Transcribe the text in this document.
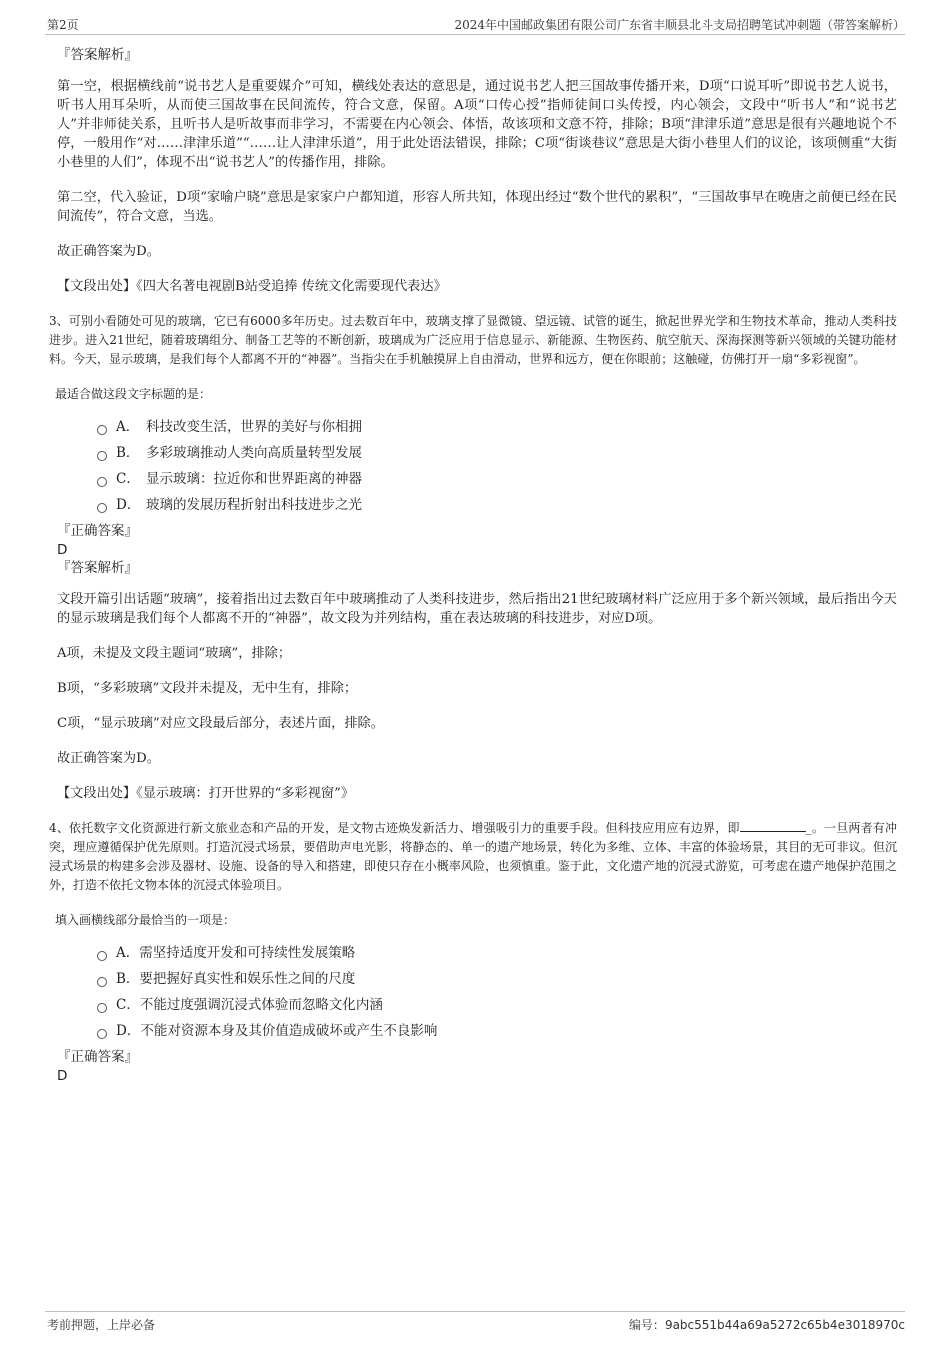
第2页	2024年中国邮政集团有限公司广东省丰顺县北斗支局招聘笔试冲刺题（带答案解析）

『答案解析』

第一空，根据横线前“说书艺人是重要媒介”可知，横线处表达的意思是，通过说书艺人把三国故事传播开来，D项“口说耳听”即说书艺人说书，听书人用耳朵听，从而使三国故事在民间流传，符合文意，保留。A项“口传心授”指师徒间口头传授，内心领会，文段中“听书人”和“说书艺人”并非师徒关系，且听书人是听故事而非学习，不需要在内心领会、体悟，故该项和文意不符，排除；B项“津津乐道”意思是很有兴趣地说个不停，一般用作“对……津津乐道”“……让人津津乐道”，用于此处语法错误，排除；C项“街谈巷议”意思是大街小巷里人们的议论，该项侧重“大街小巷里的人们”，体现不出“说书艺人”的传播作用，排除。

第二空，代入验证，D项“家喻户晓”意思是家家户户都知道，形容人所共知，体现出经过“数个世代的累积”，“三国故事早在晚唐之前便已经在民间流传”，符合文意，当选。

故正确答案为D。

【文段出处】《四大名著电视剧B站受追捧 传统文化需要现代表达》

3、可别小看随处可见的玻璃，它已有6000多年历史。过去数百年中，玻璃支撑了显微镜、望远镜、试管的诞生，掀起世界光学和生物技术革命，推动人类科技进步。进入21世纪，随着玻璃组分、制备工艺等的不断创新，玻璃成为广泛应用于信息显示、新能源、生物医药、航空航天、深海探测等新兴领域的关键功能材料。今天，显示玻璃，是我们每个人都离不开的“神器”。当指尖在手机触摸屏上自由滑动，世界和远方，便在你眼前；这触碰，仿佛打开一扇“多彩视窗”。

最适合做这段文字标题的是：

A． 科技改变生活，世界的美好与你相拥
B． 多彩玻璃推动人类向高质量转型发展
C． 显示玻璃：拉近你和世界距离的神器
D． 玻璃的发展历程折射出科技进步之光

『正确答案』

D

『答案解析』

文段开篇引出话题“玻璃”，接着指出过去数百年中玻璃推动了人类科技进步，然后指出21世纪玻璃材料广泛应用于多个新兴领域，最后指出今天的显示玻璃是我们每个人都离不开的“神器”，故文段为并列结构，重在表达玻璃的科技进步，对应D项。

A项，未提及文段主题词“玻璃”，排除；

B项，“多彩玻璃”文段并未提及，无中生有，排除；

C项，“显示玻璃”对应文段最后部分，表述片面，排除。

故正确答案为D。

【文段出处】《显示玻璃：打开世界的“多彩视窗”》

4、依托数字文化资源进行新文旅业态和产品的开发，是文物古迹焕发新活力、增强吸引力的重要手段。但科技应用应有边界，即	_。一旦两者有冲突，理应遵循保护优先原则。打造沉浸式场景，要借助声电光影，将静态的、单一的遗产地场景，转化为多维、立体、丰富的体验场景，其目的无可非议。但沉浸式场景的构建多会涉及器材、设施、设备的导入和搭建，即使只存在小概率风险，也须慎重。鉴于此，文化遗产地的沉浸式游览，可考虑在遗产地保护范围之外，打造不依托文物本体的沉浸式体验项目。

填入画横线部分最恰当的一项是：

A． 需坚持适度开发和可持续性发展策略
B． 要把握好真实性和娱乐性之间的尺度
C． 不能过度强调沉浸式体验而忽略文化内涵
D． 不能对资源本身及其价值造成破坏或产生不良影响

『正确答案』

D

考前押题，上岸必备	编号：9abc551b44a69a5272c65b4e3018970c
